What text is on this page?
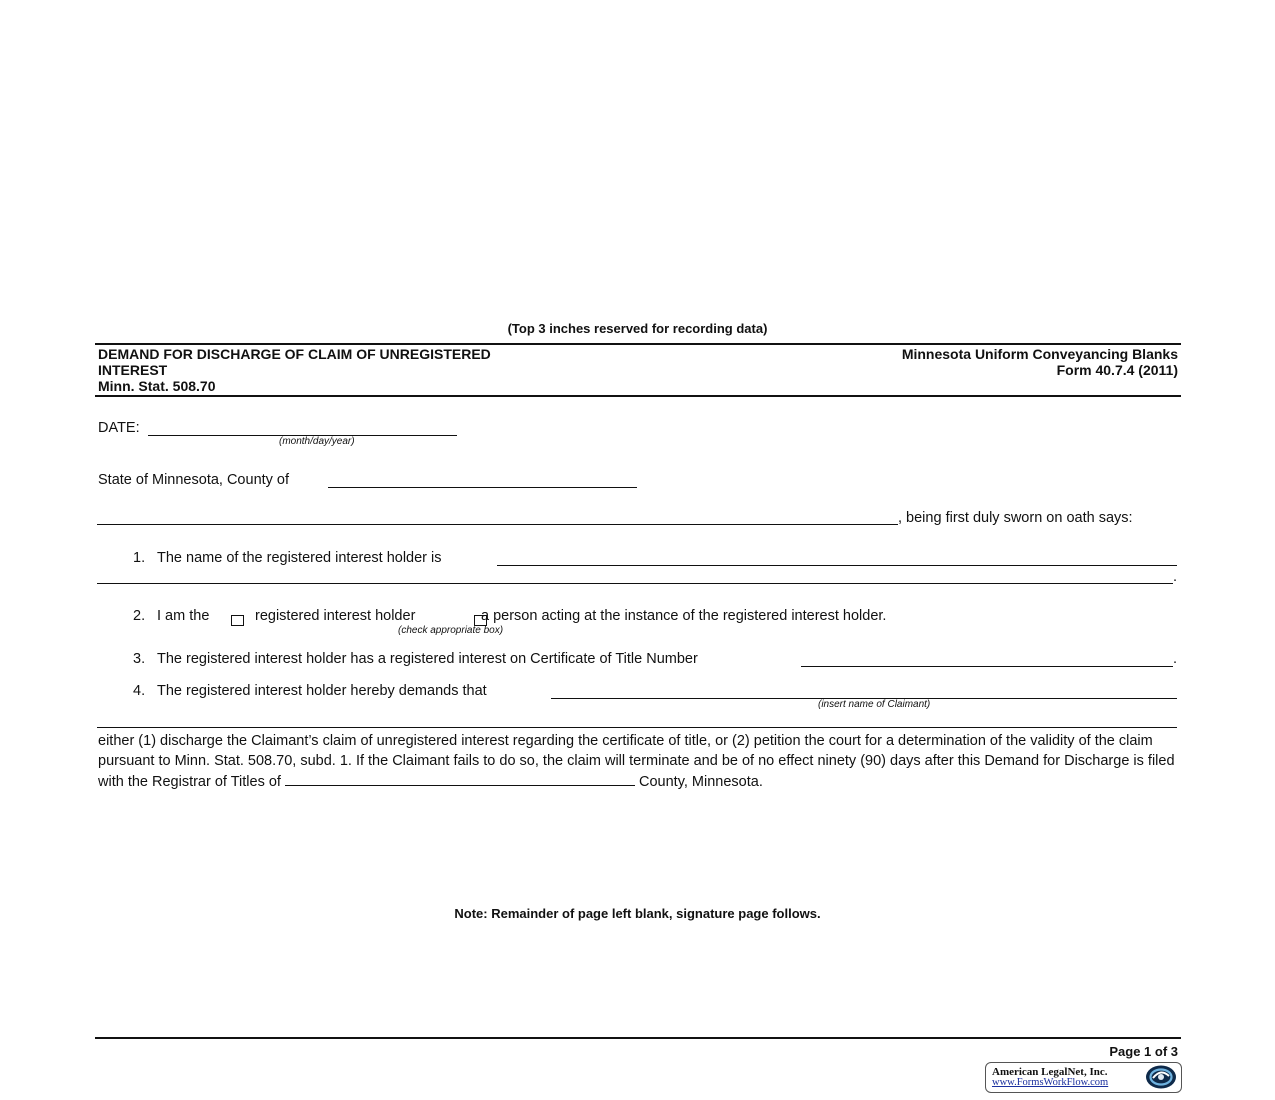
(Top 3 inches reserved for recording data)
DEMAND FOR DISCHARGE OF CLAIM OF UNREGISTERED
INTEREST
Minn. Stat. 508.70
Minnesota Uniform Conveyancing Blanks
Form 40.7.4 (2011)
DATE:
(month/day/year)
State of Minnesota, County of
, being first duly sworn on oath says:
1. The name of the registered interest holder is
.
2. I am the
	registered interest holder	a person acting at the instance of the registered interest holder.
(check appropriate box)
3. The registered interest holder has a registered interest on Certificate of Title Number	.
4. The registered interest holder hereby demands that
(insert name of Claimant)
either (1) discharge the Claimant’s claim of unregistered interest regarding the certificate of title, or (2) petition the court for a determination of the validity of the claim pursuant to Minn. Stat. 508.70, subd. 1. If the Claimant fails to do so, the claim will terminate and be of no effect ninety (90) days after this Demand for Discharge is filed with the Registrar of Titles of	County, Minnesota.
Note: Remainder of page left blank, signature page follows.
Page 1 of 3
American LegalNet, Inc.
www.FormsWorkFlow.com
